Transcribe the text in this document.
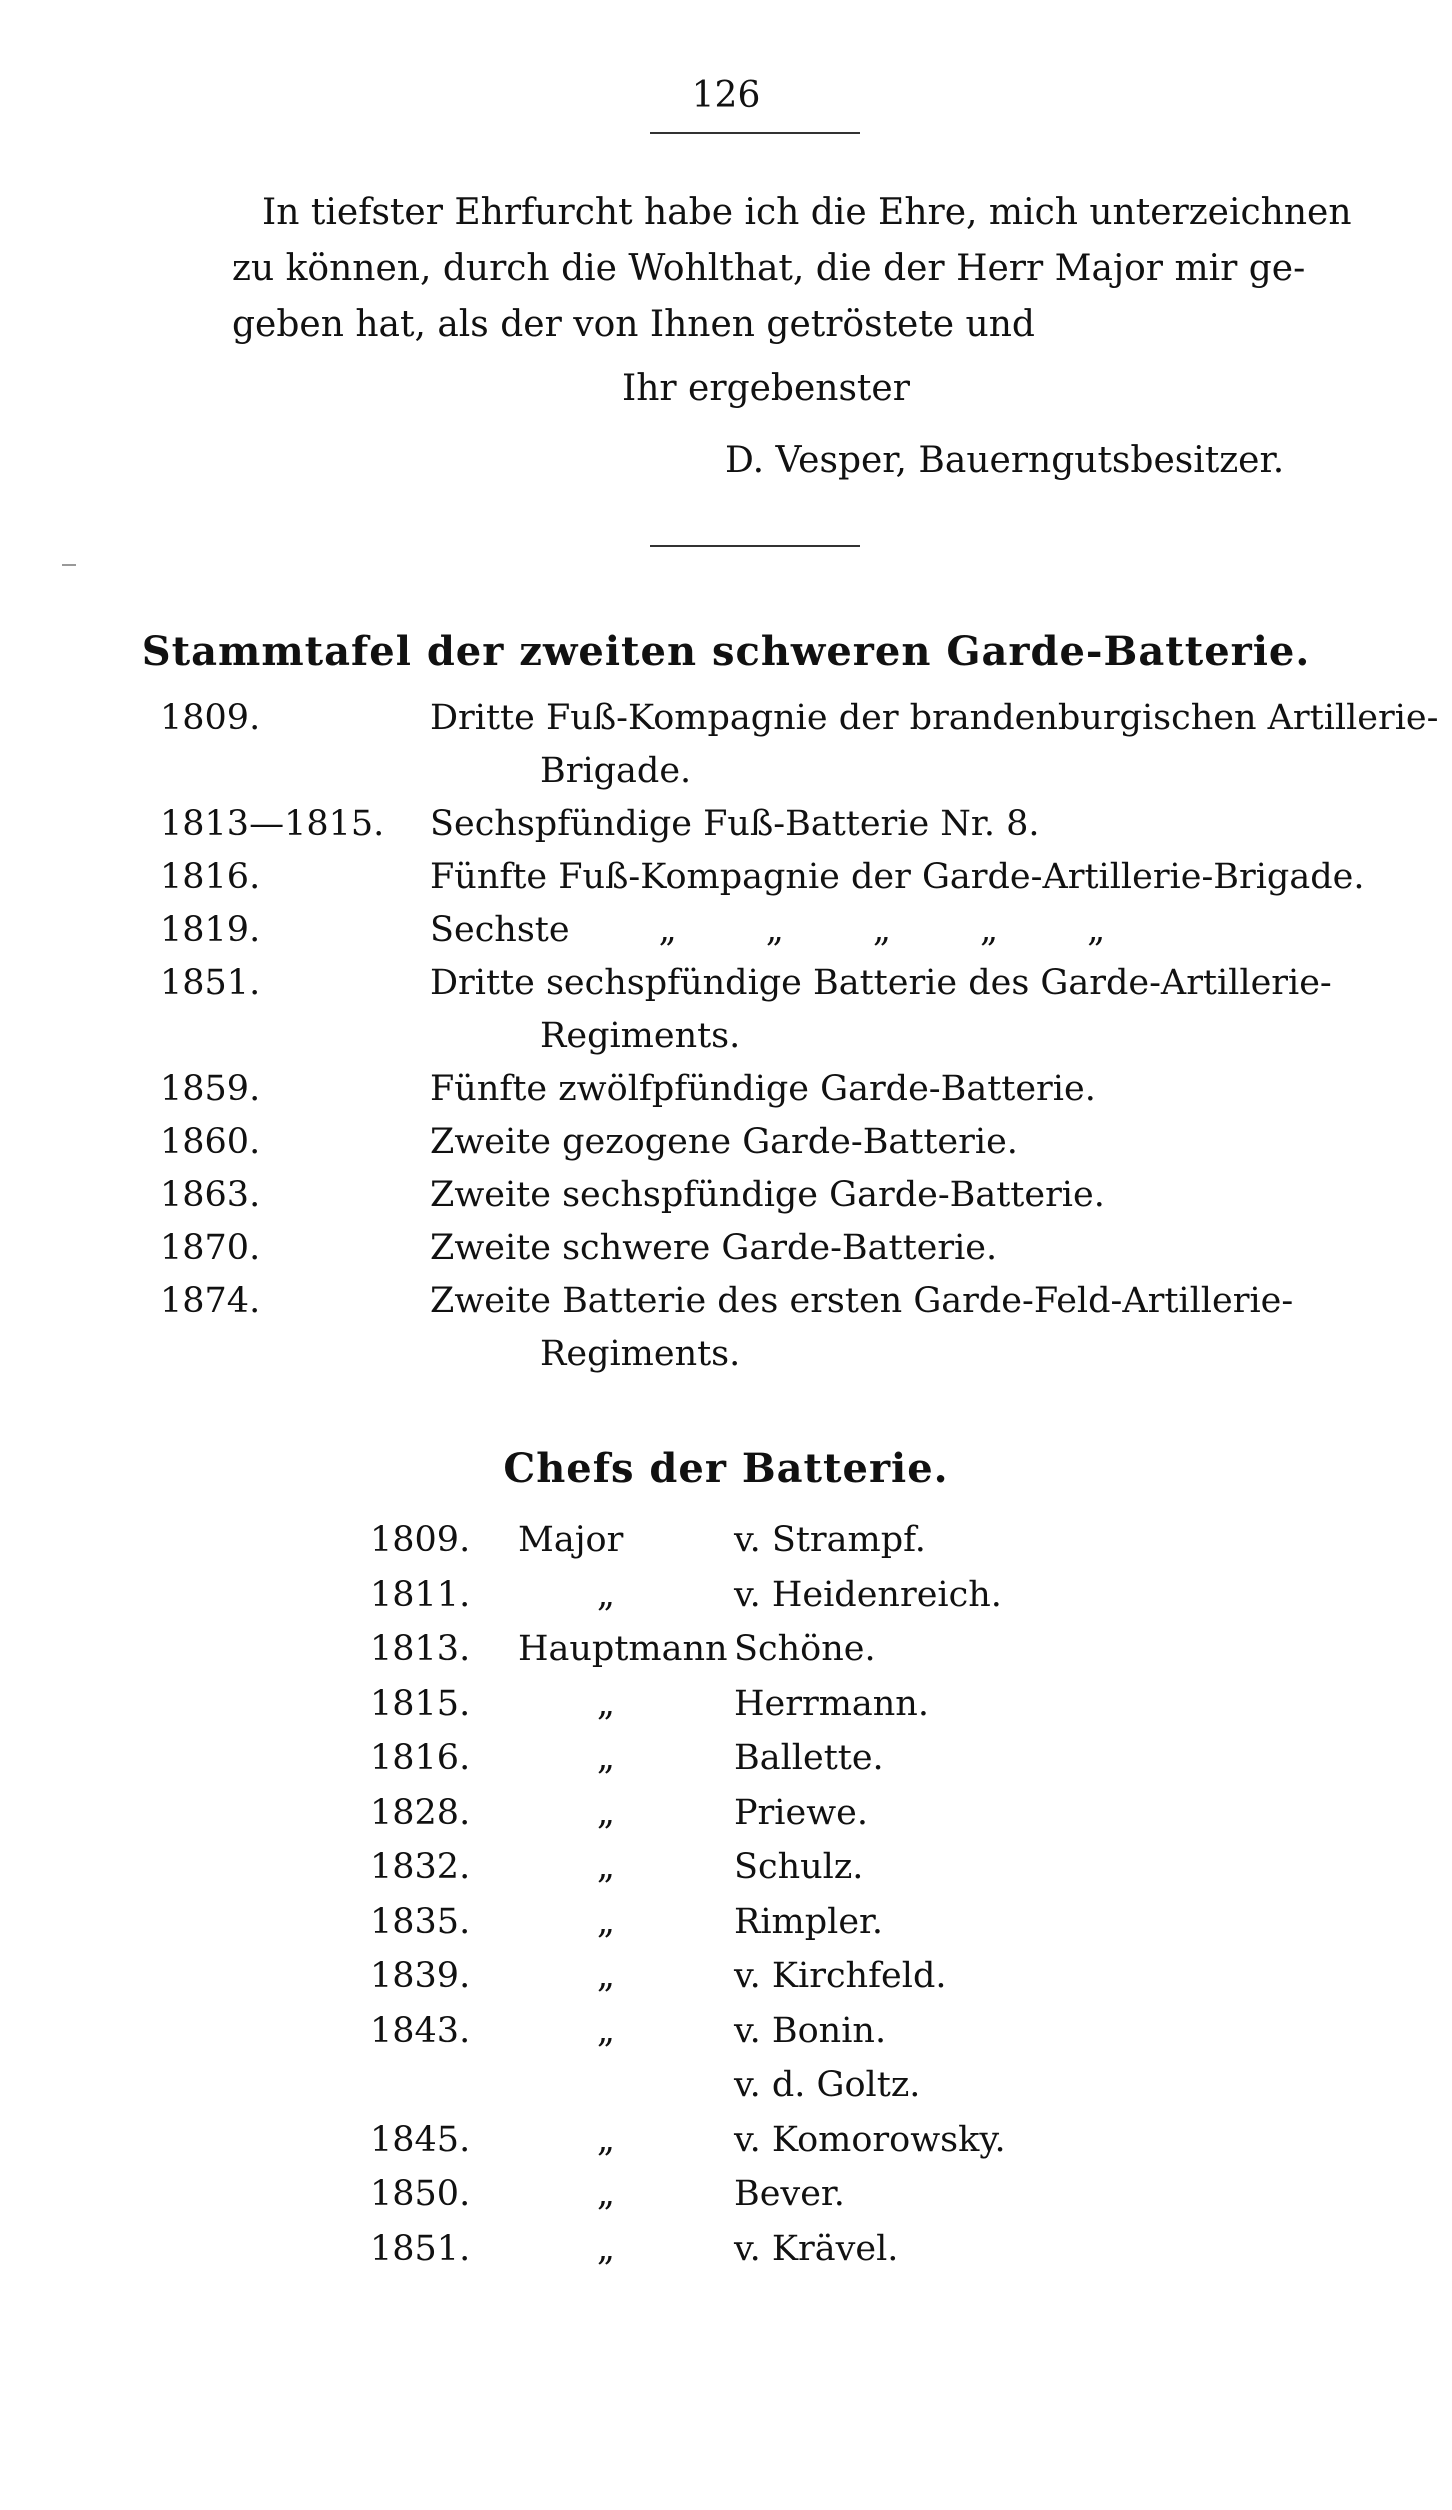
126

In tiefster Ehrfurcht habe ich die Ehre, mich unterzeichnen
zu können, durch die Wohlthat, die der Herr Major mir ge-
geben hat, als der von Ihnen getröstete und

Ihr ergebenster
D. Vesper, Bauerngutsbesitzer.
Stammtafel der zweiten schweren Garde-Batterie.
1809.	Dritte Fuß-Kompagnie der brandenburgischen Artillerie-
Brigade.
1813—1815.	Sechspfündige Fuß-Batterie Nr. 8.
1816.	Fünfte Fuß-Kompagnie der Garde-Artillerie-Brigade.
1819.	Sechste        „        „        „        „        „
1851.	Dritte sechspfündige Batterie des Garde-Artillerie-
Regiments.
1859.	Fünfte zwölfpfündige Garde-Batterie.
1860.	Zweite gezogene Garde-Batterie.
1863.	Zweite sechspfündige Garde-Batterie.
1870.	Zweite schwere Garde-Batterie.
1874.	Zweite Batterie des ersten Garde-Feld-Artillerie-
Regiments.
Chefs der Batterie.
1809.	Major	v. Strampf.
1811.	„	v. Heidenreich.
1813.	Hauptmann Schöne.
1815.	„	Herrmann.
1816.	„	Ballette.
1828.	„	Priewe.
1832.	„	Schulz.
1835.	„	Rimpler.
1839.	„	v. Kirchfeld.
1843.	„	v. Bonin.
v. d. Goltz.
1845.	„	v. Komorowsky.
1850.	„	Bever.
1851.	„	v. Krävel.
